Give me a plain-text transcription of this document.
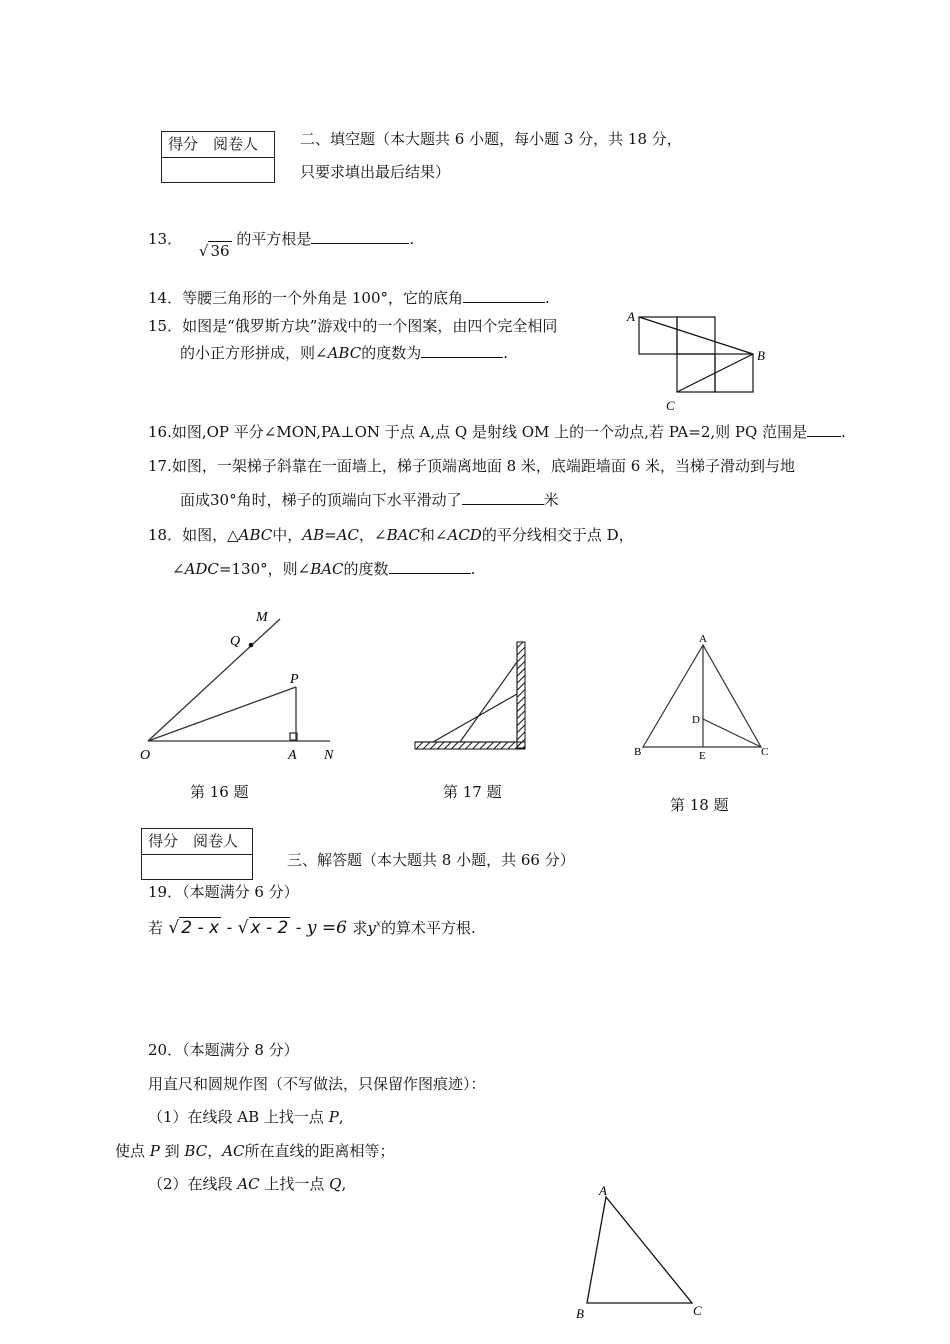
得分　阅卷人	二、填空题（本大题共 6 小题，每小题 3 分，共 18 分，
只要求填出最后结果）
13． √ 36 的平方根是	.
14．等腰三角形的一个外角是 100°，它的底角	.
15．如图是“俄罗斯方块”游戏中的一个图案，由四个完全相同
的小正方形拼成，则∠ABC的度数为	.
A
B
C
16.如图,OP 平分∠MON,PA⊥ON 于点 A,点 Q 是射线 OM 上的一个动点,若 PA=2,则 PQ 范围是 .
17.如图，一架梯子斜靠在一面墙上，梯子顶端离地面 8 米，底端距墙面 6 米，当梯子滑动到与地
面成30°角时，梯子的顶端向下水平滑动了	米
18．如图，△ABC中，AB=AC，∠BAC和∠ACD的平分线相交于点 D，
∠ADC=130°，则∠BAC的度数	.
M
Q
P
O	A N
第 16 题	第 17 题
A
B	C
D
E
第 18 题
得分　阅卷人
三、解答题（本大题共 8 小题，共 66 分）
19．（本题满分 6 分）
若 √ 2 - x - √ x - 2 - y =6 求$y^x$的算术平方根.
20．（本题满分 8 分）
用直尺和圆规作图（不写做法，只保留作图痕迹）：
（1）在线段 AB 上找一点 P,
使点 P 到 BC，AC所在直线的距离相等；
（2）在线段 AC 上找一点 Q,	A
B	C
